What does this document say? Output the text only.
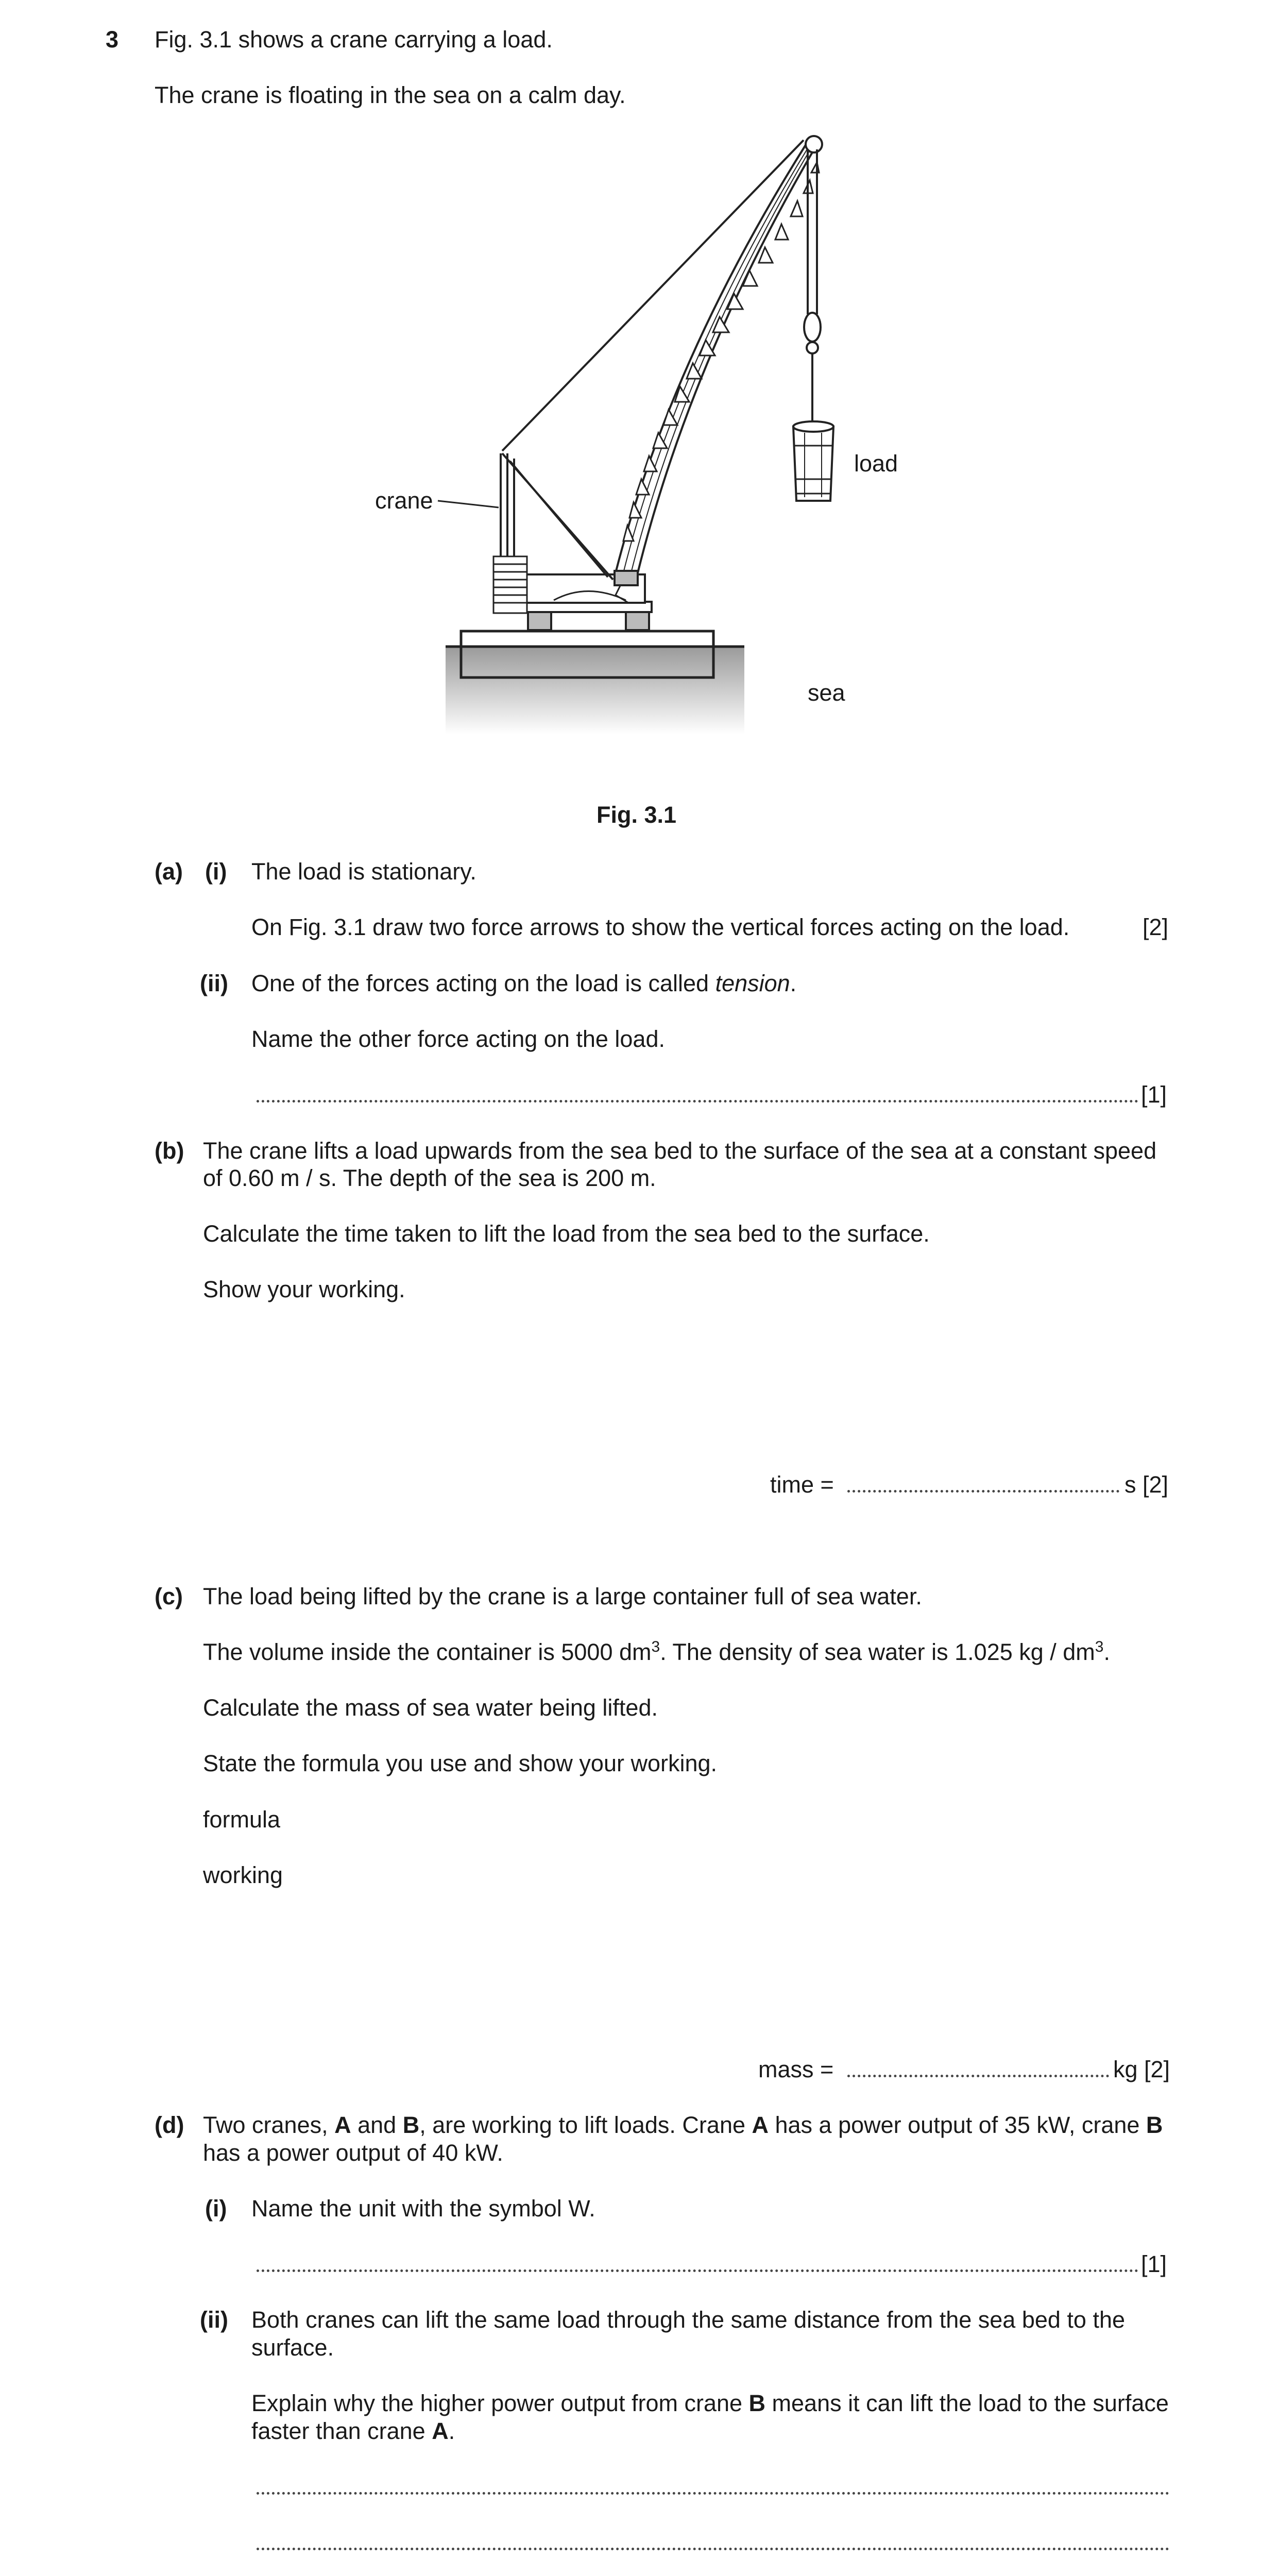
3 Fig. 3.1 shows a crane carrying a load.
The crane is floating in the sea on a calm day.
crane
load
sea
Fig. 3.1
(a) (i) The load is stationary.
On Fig. 3.1 draw two force arrows to show the vertical forces acting on the load.	[2]
(ii) One of the forces acting on the load is called tension.
Name the other force acting on the load.
[1]
(b) The crane lifts a load upwards from the sea bed to the surface of the sea at a constant speed
of 0.60 m / s. The depth of the sea is 200 m.
Calculate the time taken to lift the load from the sea bed to the surface.
Show your working.
time =	s [2]
(c) The load being lifted by the crane is a large container full of sea water.
The volume inside the container is 5000 $dm^3$. The density of sea water is 1.025 kg / $dm^3$.
Calculate the mass of sea water being lifted.
State the formula you use and show your working.
formula
working
mass =	kg [2]
(d) Two cranes, A and B, are working to lift loads. Crane A has a power output of 35 kW, crane B
has a power output of 40 kW.
(i) Name the unit with the symbol W.
[1]
(ii) Both cranes can lift the same load through the same distance from the sea bed to the
surface.
Explain why the higher power output from crane B means it can lift the load to the surface
faster than crane A.
